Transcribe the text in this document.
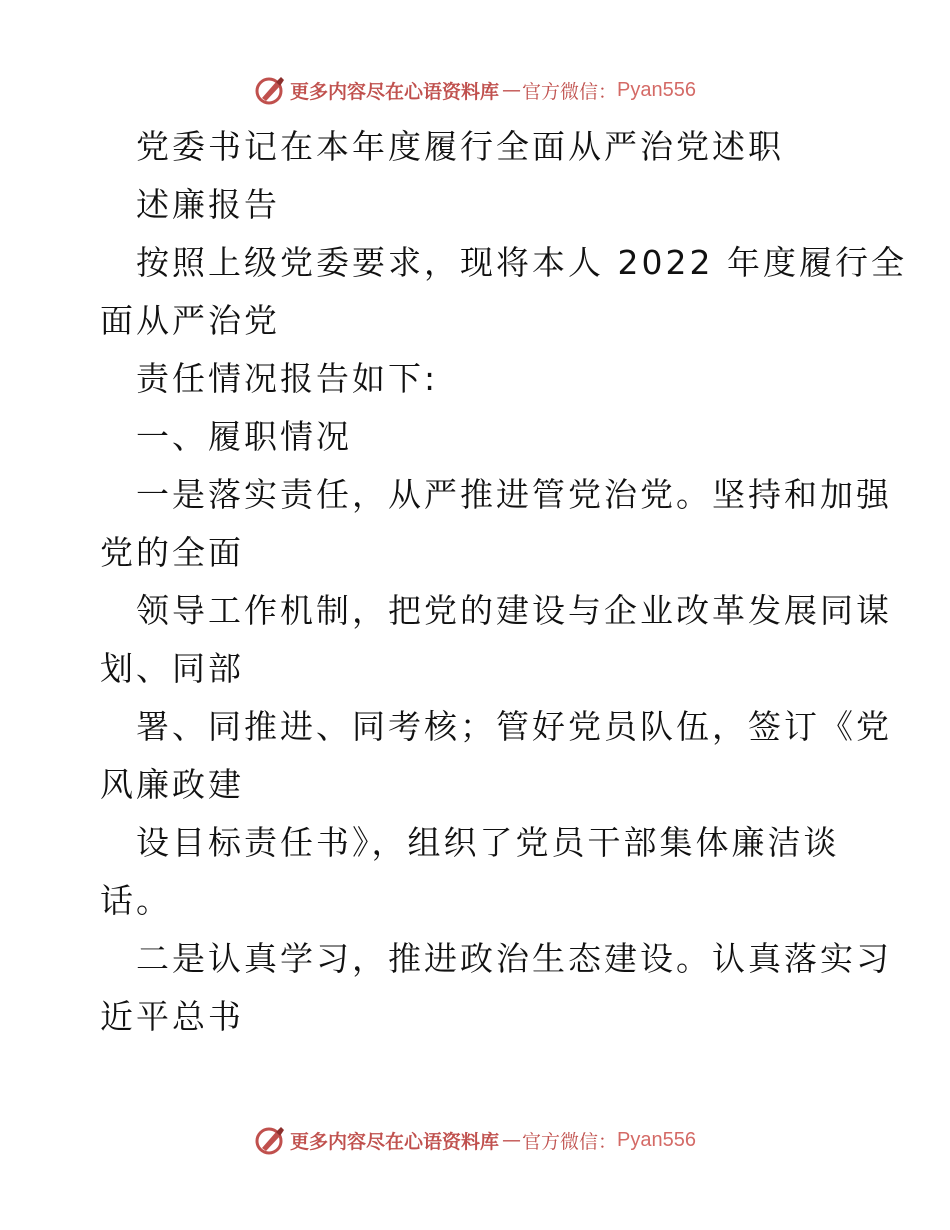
更多内容尽在心语资料库 — 官方微信： Pyan556
党委书记在本年度履行全面从严治党述职
述廉报告
按照上级党委要求，现将本人 2022 年度履行全
面从严治党
责任情况报告如下:
一、履职情况
一是落实责任，从严推进管党治党。坚持和加强
党的全面
领导工作机制，把党的建设与企业改革发展同谋
划、同部
署、同推进、同考核；管好党员队伍，签订《党
风廉政建
设目标责任书》，组织了党员干部集体廉洁谈
话。
二是认真学习，推进政治生态建设。认真落实习
近平总书
更多内容尽在心语资料库 — 官方微信： Pyan556
